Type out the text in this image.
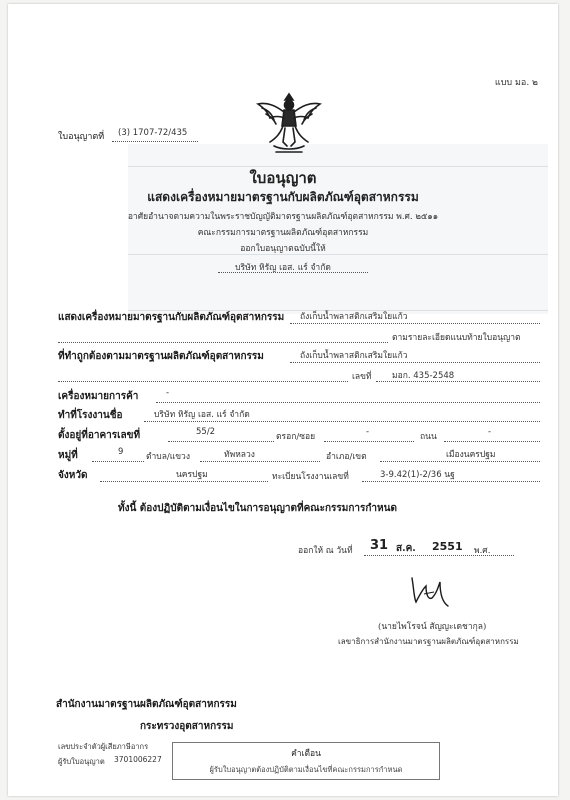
แบบ มอ. ๒
ใบอนุญาตที่ (3) 1707-72/435
ใบอนุญาต
แสดงเครื่องหมายมาตรฐานกับผลิตภัณฑ์อุตสาหกรรม
อาศัยอำนาจตามความในพระราชบัญญัติมาตรฐานผลิตภัณฑ์อุตสาหกรรม พ.ศ. ๒๕๑๑
คณะกรรมการมาตรฐานผลิตภัณฑ์อุตสาหกรรม
ออกใบอนุญาตฉบับนี้ให้
บริษัท หิรัญ เอส. แร์ จำกัด
แสดงเครื่องหมายมาตรฐานกับผลิตภัณฑ์อุตสาหกรรม ถังเก็บน้ำพลาสติกเสริมใยแก้ว
ตามรายละเอียดแนบท้ายใบอนุญาต
ที่ทำถูกต้องตามมาตรฐานผลิตภัณฑ์อุตสาหกรรม	ถังเก็บน้ำพลาสติกเสริมใยแก้ว
เลขที่ มอก. 435-2548
เครื่องหมายการค้า	-
ทำที่โรงงานชื่อ	บริษัท หิรัญ เอส. แร์ จำกัด
ตั้งอยู่ที่อาคารเลขที่	55/2	ตรอก/ซอย	-	ถนน	-
หมู่ที่	9	ตำบล/แขวง	ทัพหลวง	อำเภอ/เขต	เมืองนครปฐม
จังหวัด	นครปฐม	ทะเบียนโรงงานเลขที่	3-9.42(1)-2/36 นฐ
ทั้งนี้ ต้องปฏิบัติตามเงื่อนไขในการอนุญาตที่คณะกรรมการกำหนด
ออกให้ ณ วันที่ 31 ส.ค. 2551 พ.ศ.
(นายไพโรจน์ สัญญะเดชากุล)
เลขาธิการสำนักงานมาตรฐานผลิตภัณฑ์อุตสาหกรรม
สำนักงานมาตรฐานผลิตภัณฑ์อุตสาหกรรม
กระทรวงอุตสาหกรรม
เลขประจำตัวผู้เสียภาษีอากร
ผู้รับใบอนุญาต 3701006227
คำเตือน
ผู้รับใบอนุญาตต้องปฏิบัติตามเงื่อนไขที่คณะกรรมการกำหนด
